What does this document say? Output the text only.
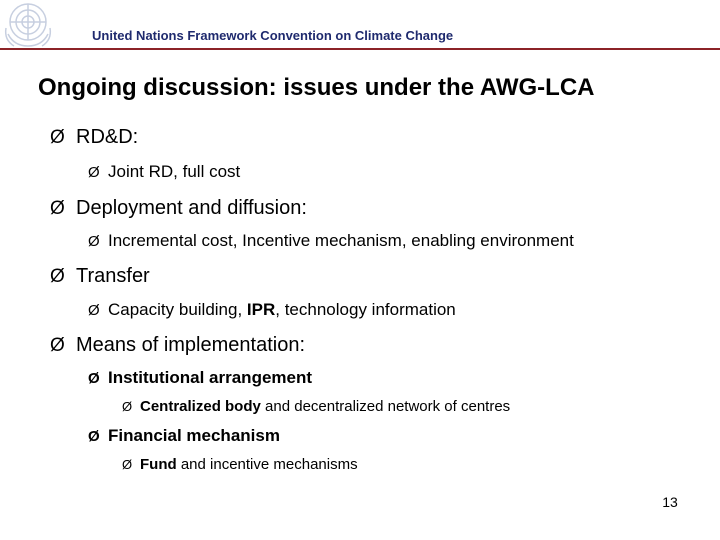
United Nations Framework Convention on Climate Change
Ongoing discussion: issues under the AWG-LCA
Ø RD&D:
Ø Joint RD, full cost
Ø Deployment and diffusion:
Ø Incremental cost, Incentive mechanism, enabling environment
Ø Transfer
Ø Capacity building, IPR, technology information
Ø Means of implementation:
Ø Institutional arrangement
Ø Centralized body and decentralized network of centres
Ø Financial mechanism
Ø Fund and incentive mechanisms
13
